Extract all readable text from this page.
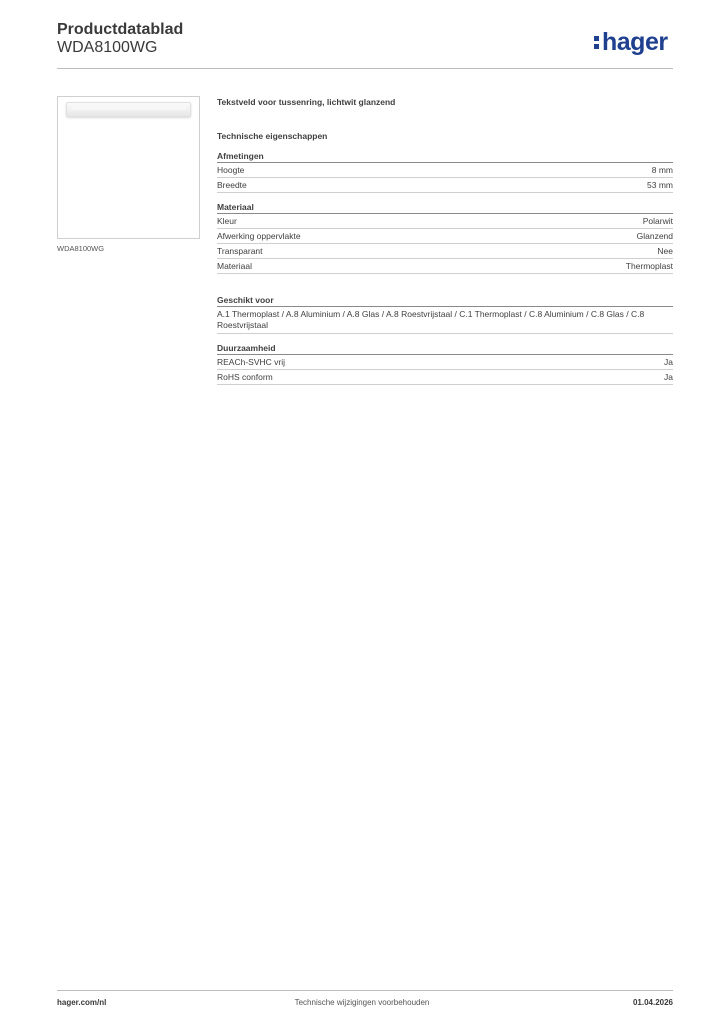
Productdatablad
WDA8100WG	hager
WDA8100WG
Tekstveld voor tussenring, lichtwit glanzend
Technische eigenschappen
Afmetingen
Hoogte	8 mm
Breedte	53 mm
Materiaal
Kleur	Polarwit
Afwerking oppervlakte	Glanzend
Transparant	Nee
Materiaal	Thermoplast
Geschikt voor
A.1 Thermoplast / A.8 Aluminium / A.8 Glas / A.8 Roestvrijstaal / C.1 Thermoplast / C.8 Aluminium / C.8 Glas / C.8 Roestvrijstaal
Duurzaamheid
REACh-SVHC vrij	Ja
RoHS conform	Ja
Technische wijzigingen voorbehouden
hager.com/nl	01.04.2026
